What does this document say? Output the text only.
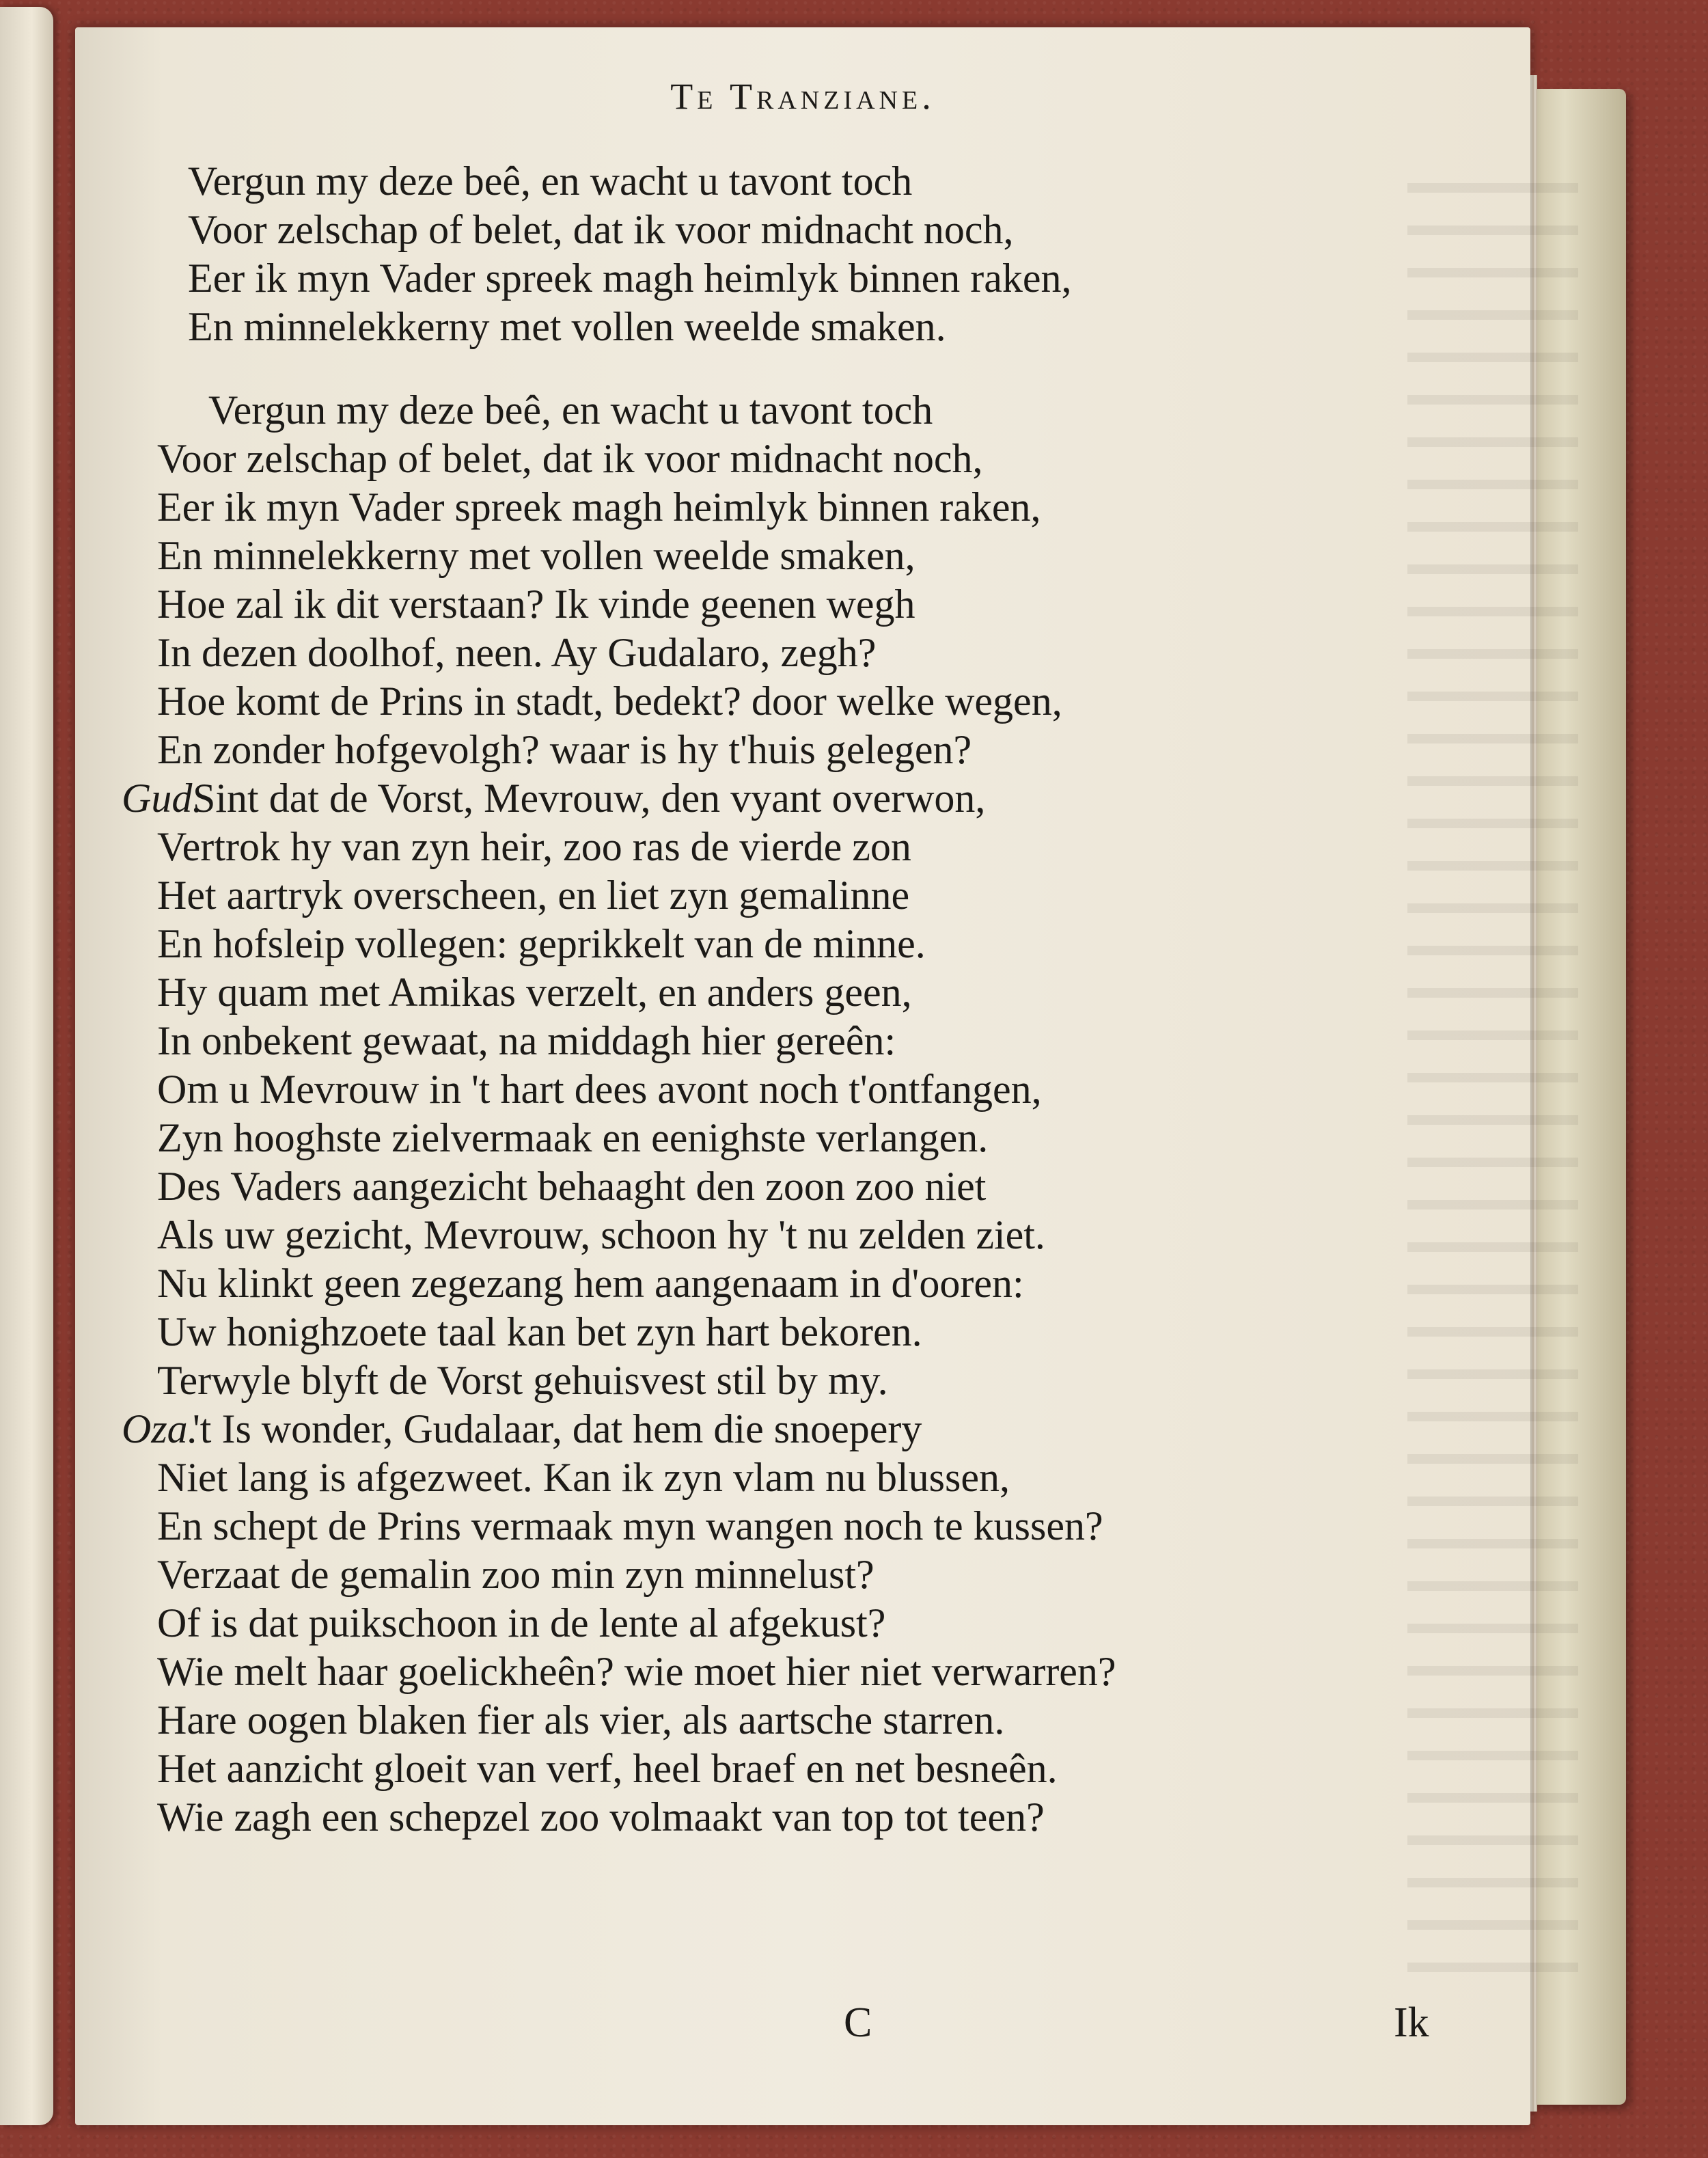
Te Tranziane.
Vergun my deze beê, en wacht u tavont toch
Voor zelschap of belet, dat ik voor midnacht noch,
Eer ik myn Vader spreek magh heimlyk binnen raken,
En minnelekkerny met vollen weelde smaken.
Vergun my deze beê, en wacht u tavont toch
Voor zelschap of belet, dat ik voor midnacht noch,
Eer ik myn Vader spreek magh heimlyk binnen raken,
En minnelekkerny met vollen weelde smaken,
Hoe zal ik dit verstaan? Ik vinde geenen wegh
In dezen doolhof, neen. Ay Gudalaro, zegh?
Hoe komt de Prins in stadt, bedekt? door welke wegen,
En zonder hofgevolgh? waar is hy t'huis gelegen?
Gud.
Sint dat de Vorst, Mevrouw, den vyant overwon,
Vertrok hy van zyn heir, zoo ras de vierde zon
Het aartryk overscheen, en liet zyn gemalinne
En hofsleip vollegen: geprikkelt van de minne.
Hy quam met Amikas verzelt, en anders geen,
In onbekent gewaat, na middagh hier gereên:
Om u Mevrouw in 't hart dees avont noch t'ontfangen,
Zyn hooghste zielvermaak en eenighste verlangen.
Des Vaders aangezicht behaaght den zoon zoo niet
Als uw gezicht, Mevrouw, schoon hy 't nu zelden ziet.
Nu klinkt geen zegezang hem aangenaam in d'ooren:
Uw honighzoete taal kan bet zyn hart bekoren.
Terwyle blyft de Vorst gehuisvest stil by my.
Oza.
't Is wonder, Gudalaar, dat hem die snoepery
Niet lang is afgezweet. Kan ik zyn vlam nu blussen,
En schept de Prins vermaak myn wangen noch te kussen?
Verzaat de gemalin zoo min zyn minnelust?
Of is dat puikschoon in de lente al afgekust?
Wie melt haar goelickheên? wie moet hier niet verwarren?
Hare oogen blaken fier als vier, als aartsche starren.
Het aanzicht gloeit van verf, heel braef en net besneên.
Wie zagh een schepzel zoo volmaakt van top tot teen?
C	Ik
